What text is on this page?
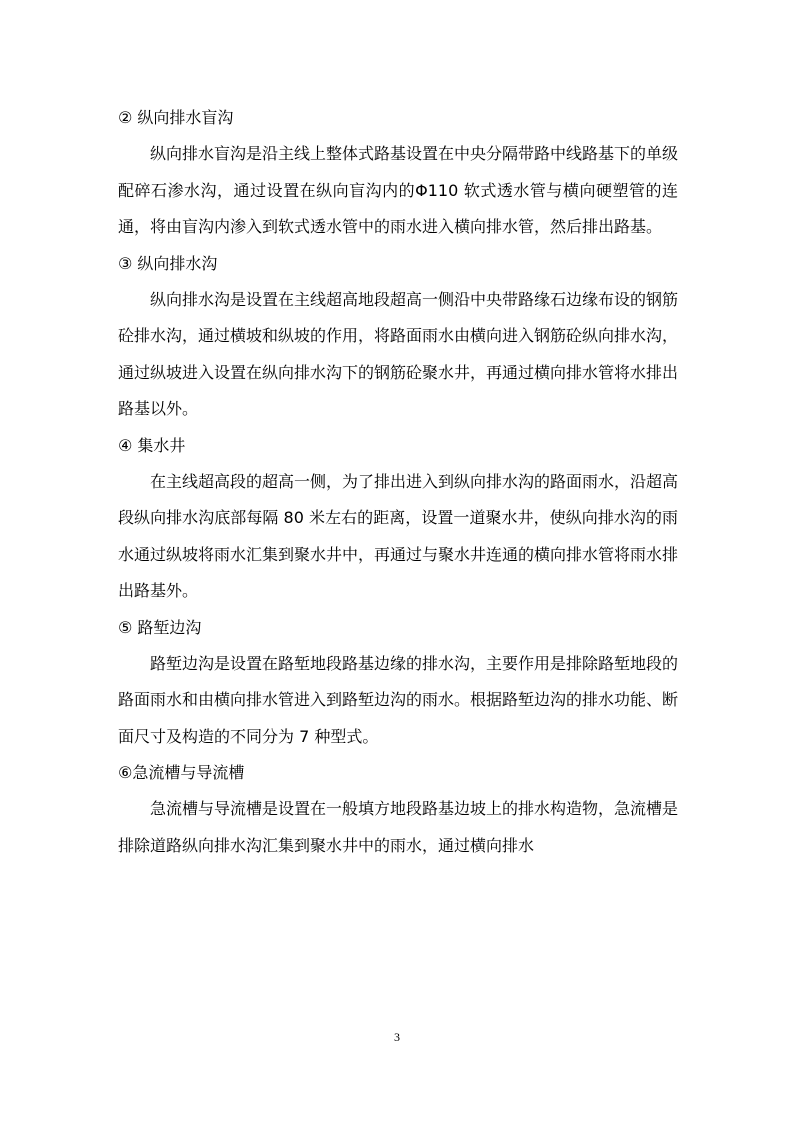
② 纵向排水盲沟

纵向排水盲沟是沿主线上整体式路基设置在中央分隔带路中线路基下的单级配碎石渗水沟，通过设置在纵向盲沟内的Φ110 软式透水管与横向硬塑管的连通，将由盲沟内渗入到软式透水管中的雨水进入横向排水管，然后排出路基。

③ 纵向排水沟

纵向排水沟是设置在主线超高地段超高一侧沿中央带路缘石边缘布设的钢筋砼排水沟，通过横坡和纵坡的作用，将路面雨水由横向进入钢筋砼纵向排水沟，通过纵坡进入设置在纵向排水沟下的钢筋砼聚水井，再通过横向排水管将水排出路基以外。

④ 集水井

在主线超高段的超高一侧，为了排出进入到纵向排水沟的路面雨水，沿超高段纵向排水沟底部每隔 80 米左右的距离，设置一道聚水井，使纵向排水沟的雨水通过纵坡将雨水汇集到聚水井中，再通过与聚水井连通的横向排水管将雨水排出路基外。

⑤ 路堑边沟

路堑边沟是设置在路堑地段路基边缘的排水沟，主要作用是排除路堑地段的路面雨水和由横向排水管进入到路堑边沟的雨水。根据路堑边沟的排水功能、断面尺寸及构造的不同分为 7 种型式。

⑥急流槽与导流槽

急流槽与导流槽是设置在一般填方地段路基边坡上的排水构造物，急流槽是排除道路纵向排水沟汇集到聚水井中的雨水，通过横向排水

3
